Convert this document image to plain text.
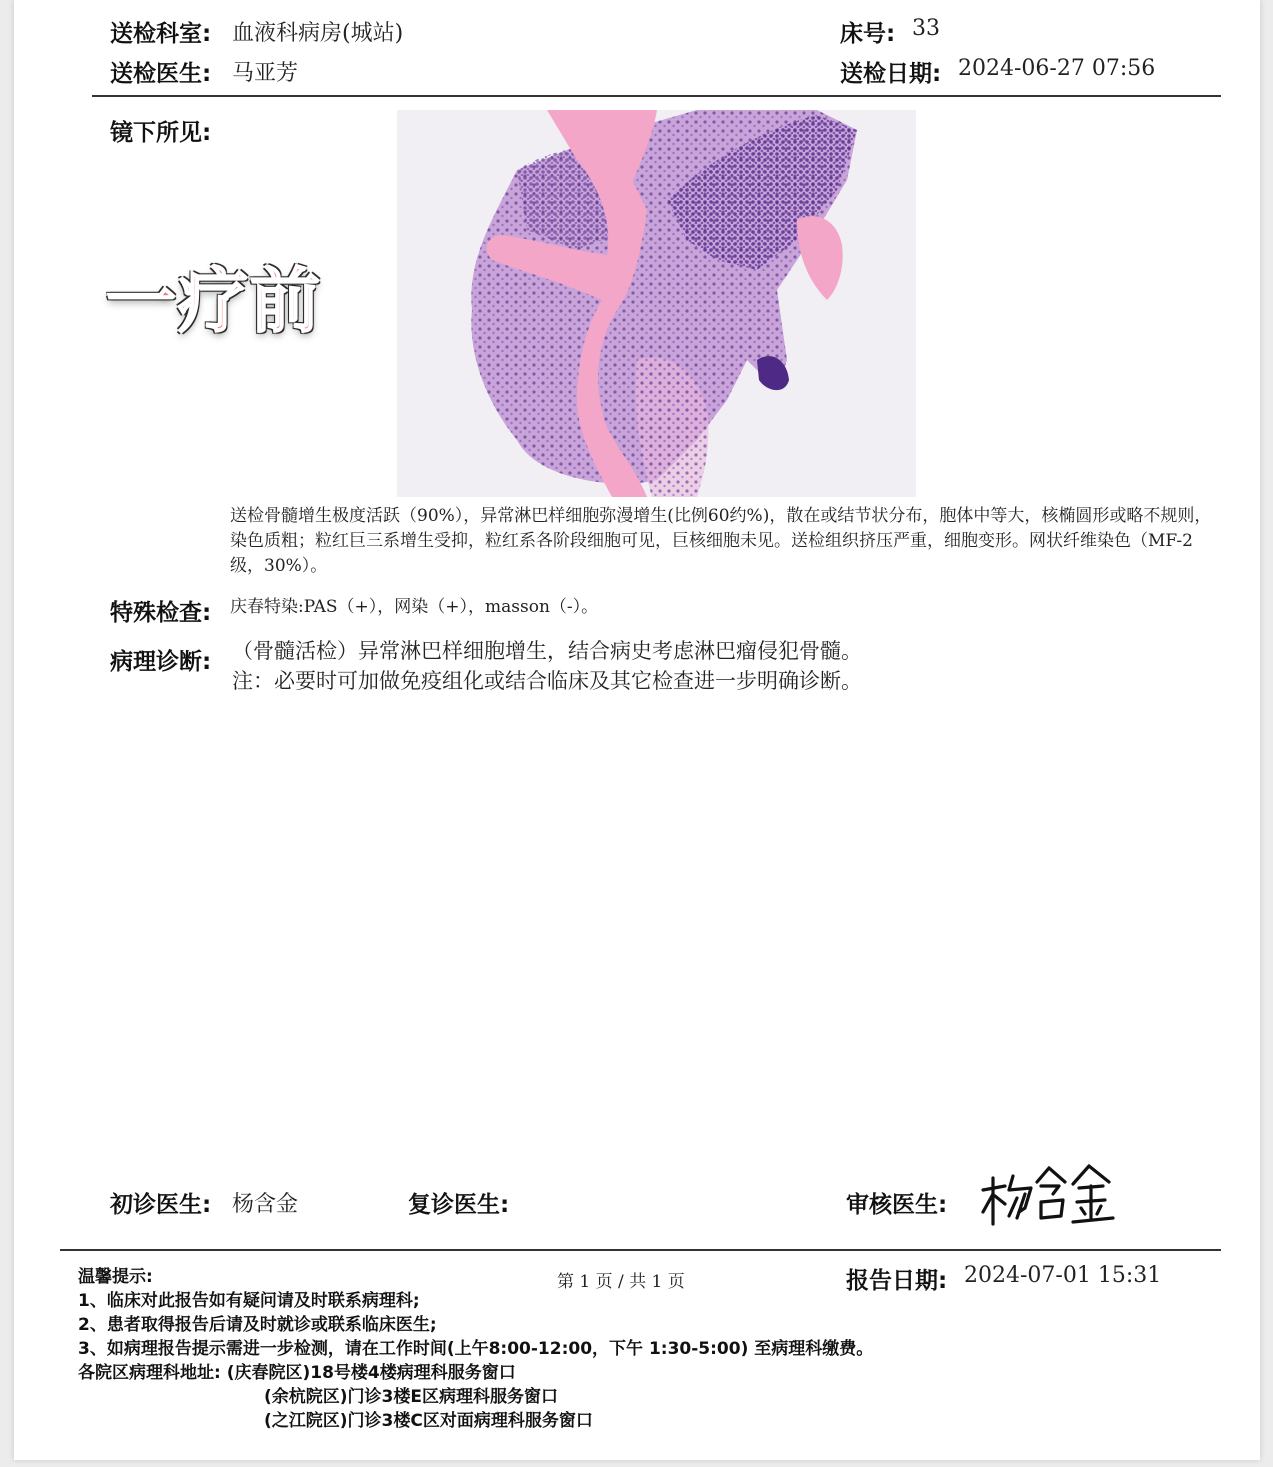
送检科室: 血液科病房(城站)	床号: 33
送检医生: 马亚芳	送检日期: 2024-06-27 07:56
镜下所见:
一疗前
送检骨髓增生极度活跃（90%），异常淋巴样细胞弥漫增生(比例60约%)，散在或结节状分布，胞体中等大，核椭圆形或略不规则，染色质粗；粒红巨三系增生受抑，粒红系各阶段细胞可见，巨核细胞未见。送检组织挤压严重，细胞变形。网状纤维染色（MF-2级，30%）。
特殊检查: 庆春特染:PAS（+），网染（+），masson（-）。
病理诊断: （骨髓活检）异常淋巴样细胞增生，结合病史考虑淋巴瘤侵犯骨髓。
注：必要时可加做免疫组化或结合临床及其它检查进一步明确诊断。
初诊医生: 杨含金	复诊医生:	审核医生:
温馨提示:	第 1 页 / 共 1 页	报告日期: 2024-07-01 15:31
1、临床对此报告如有疑问请及时联系病理科;
2、患者取得报告后请及时就诊或联系临床医生;
3、如病理报告提示需进一步检测，请在工作时间(上午8:00-12:00，下午 1:30-5:00) 至病理科缴费。
各院区病理科地址: (庆春院区)18号楼4楼病理科服务窗口
(余杭院区)门诊3楼E区病理科服务窗口
(之江院区)门诊3楼C区对面病理科服务窗口
